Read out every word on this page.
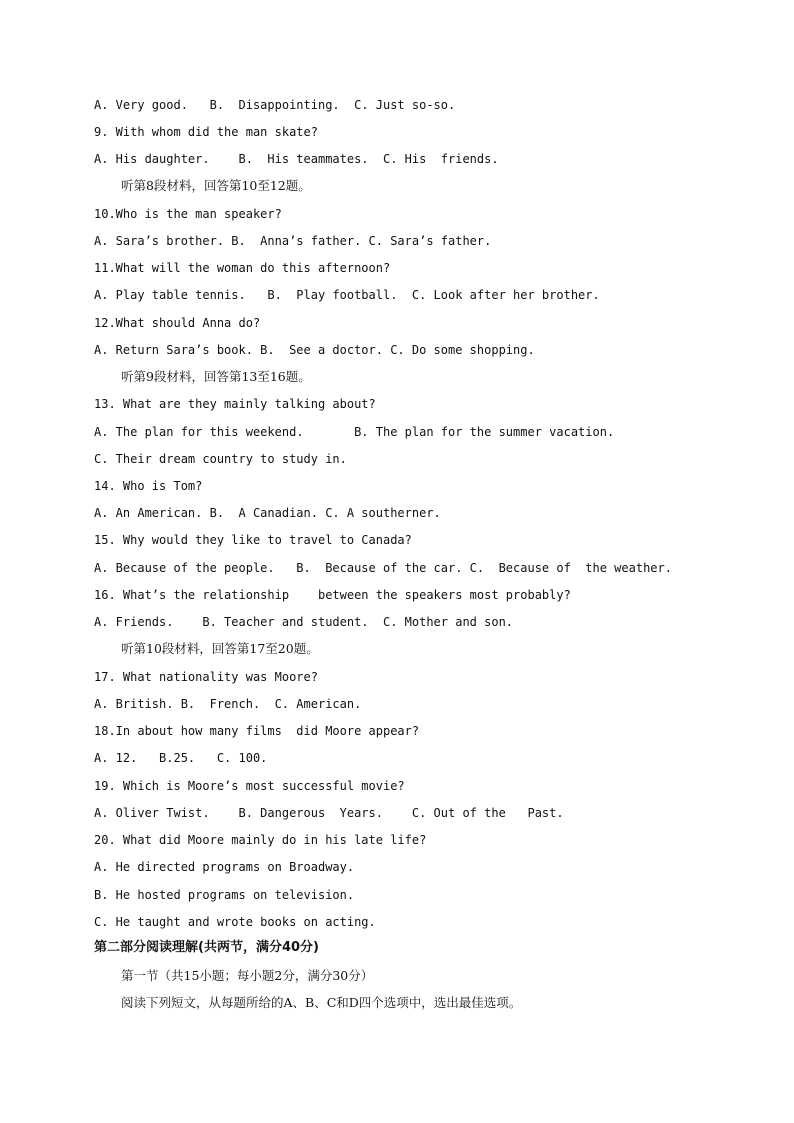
A. Very good.   B.  Disappointing.  C. Just so-so.
9. With whom did the man skate?
A. His daughter.    B.  His teammates.  C. His  friends.
听第8段材料，回答第10至12题。
10.Who is the man speaker?
A. Sara’s brother. B.  Anna’s father. C. Sara’s father.
11.What will the woman do this afternoon?
A. Play table tennis.   B.  Play football.  C. Look after her brother.
12.What should Anna do?
A. Return Sara’s book. B.  See a doctor. C. Do some shopping.
听第9段材料，回答第13至16题。
13. What are they mainly talking about?
A. The plan for this weekend.       B. The plan for the summer vacation.
C. Their dream country to study in.
14. Who is Tom?
A. An American. B.  A Canadian. C. A southerner.
15. Why would they like to travel to Canada?
A. Because of the people.   B.  Because of the car. C.  Because of  the weather.
16. What’s the relationship    between the speakers most probably?
A. Friends.    B. Teacher and student.  C. Mother and son.
听第10段材料，回答第17至20题。
17. What nationality was Moore?
A. British. B.  French.  C. American.
18.In about how many films  did Moore appear?
A. 12.   B.25.   C. 100.
19. Which is Moore’s most successful movie?
A. Oliver Twist.    B. Dangerous  Years.    C. Out of the   Past.
20. What did Moore mainly do in his late life?
A. He directed programs on Broadway.
B. He hosted programs on television.
C. He taught and wrote books on acting.
第二部分阅读理解(共两节，满分40分)
第一节（共15小题；每小题2分，满分30分）
阅读下列短文，从每题所给的A、B、C和D四个选项中，选出最佳选项。
